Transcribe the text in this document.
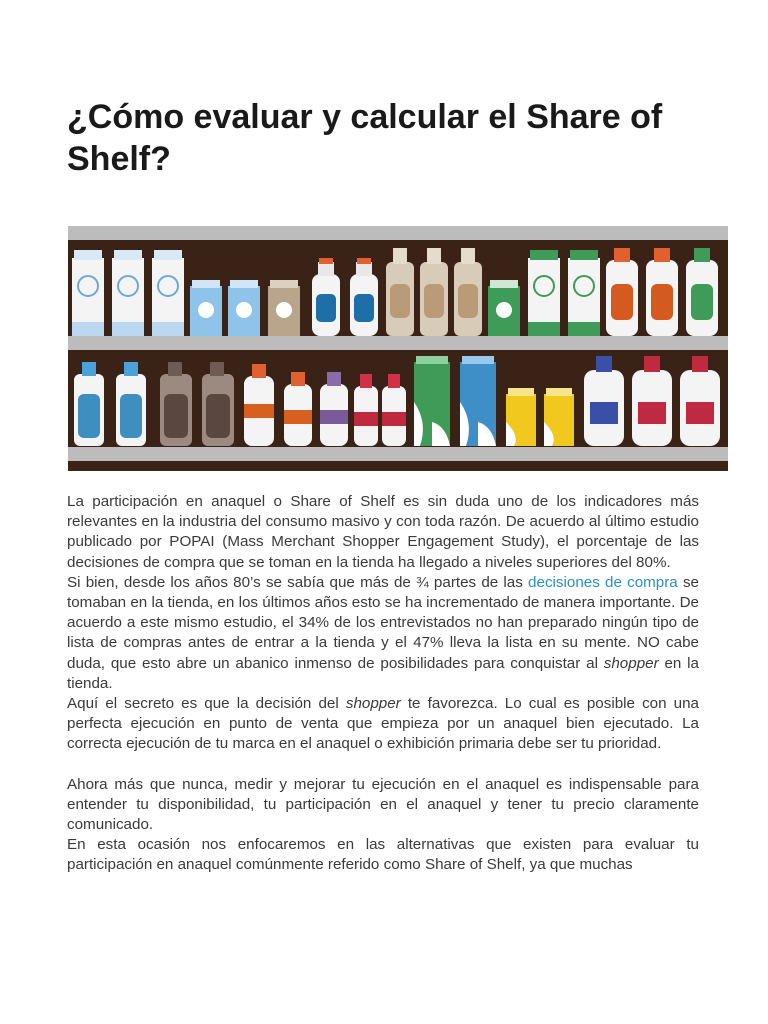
¿Cómo evaluar y calcular el Share of Shelf?

La participación en anaquel o Share of Shelf es sin duda uno de los indicadores más relevantes en la industria del consumo masivo y con toda razón. De acuerdo al último estudio publicado por POPAI (Mass Merchant Shopper Engagement Study), el porcentaje de las decisiones de compra que se toman en la tienda ha llegado a niveles superiores del 80%.

Si bien, desde los años 80’s se sabía que más de ¾ partes de las decisiones de compra se tomaban en la tienda, en los últimos años esto se ha incrementado de manera importante. De acuerdo a este mismo estudio, el 34% de los entrevistados no han preparado ningún tipo de lista de compras antes de entrar a la tienda y el 47% lleva la lista en su mente. NO cabe duda, que esto abre un abanico inmenso de posibilidades para conquistar al shopper en la tienda.

Aquí el secreto es que la decisión del shopper te favorezca. Lo cual es posible con una perfecta ejecución en punto de venta que empieza por un anaquel bien ejecutado. La correcta ejecución de tu marca en el anaquel o exhibición primaria debe ser tu prioridad.

Ahora más que nunca, medir y mejorar tu ejecución en el anaquel es indispensable para entender tu disponibilidad, tu participación en el anaquel y tener tu precio claramente comunicado.

En esta ocasión nos enfocaremos en las alternativas que existen para evaluar tu participación en anaquel comúnmente referido como Share of Shelf, ya que muchas
